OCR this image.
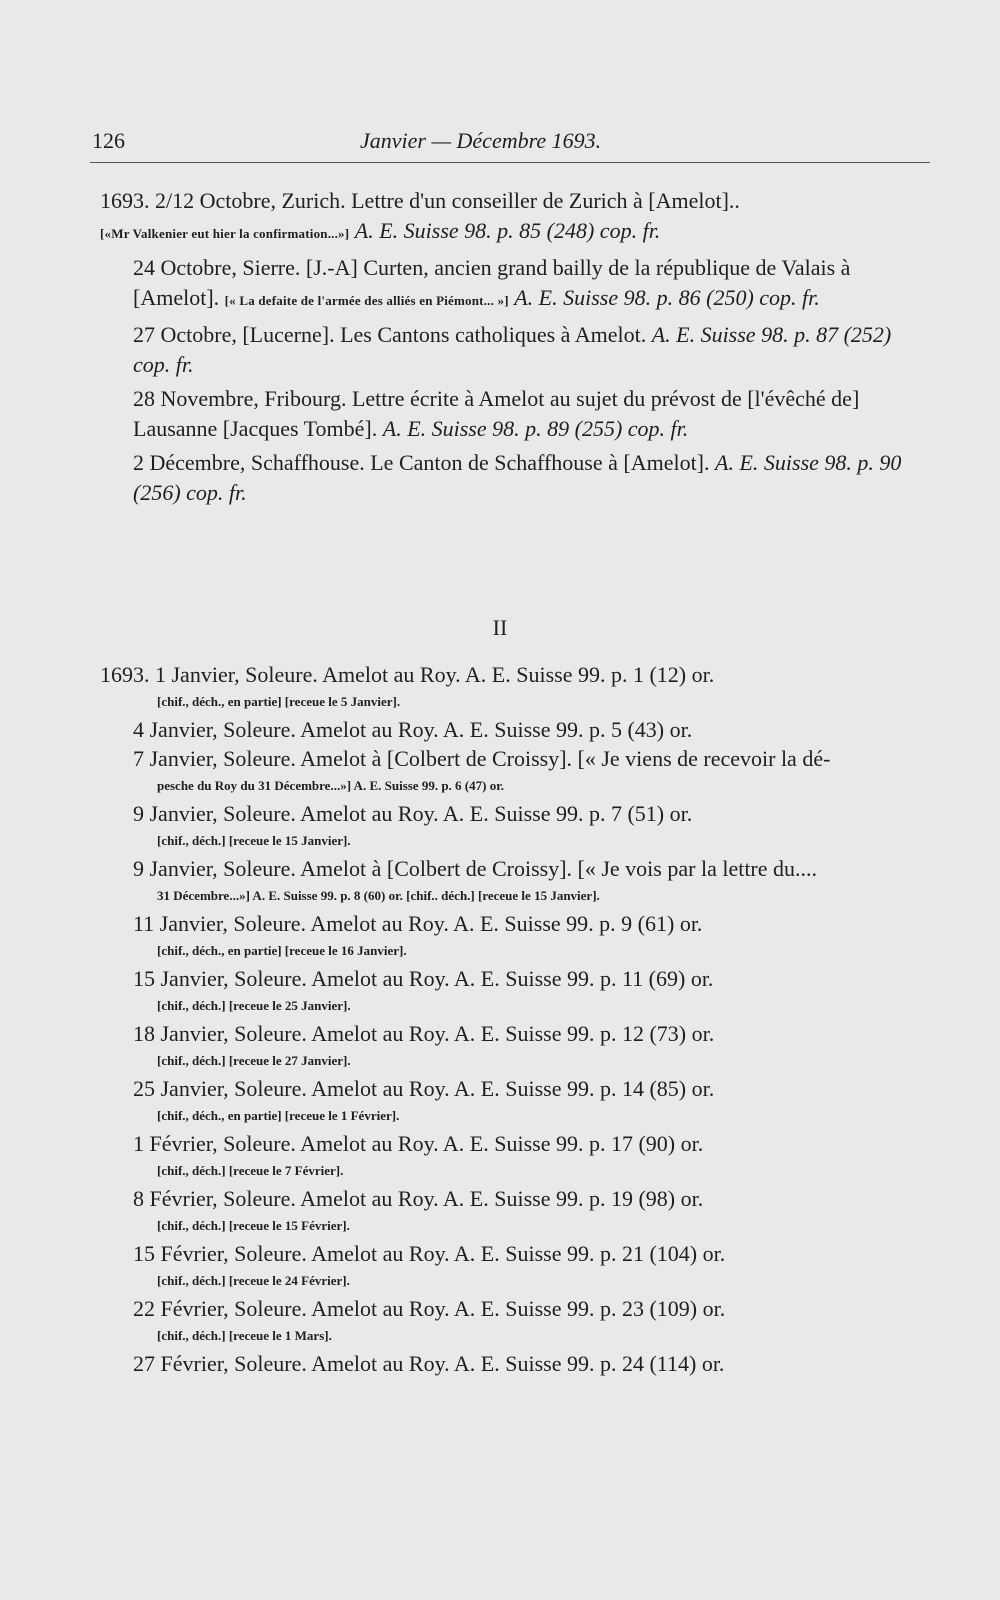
126	Janvier — Décembre 1693.
1693. 2/12 Octobre, Zurich. Lettre d'un conseiller de Zurich à [Amelot]..
[«Mr Valkenier eut hier la confirmation...»] A. E. Suisse 98. p. 85 (248) cop. fr.
24 Octobre, Sierre. [J.-A] Curten, ancien grand bailly de la république de Valais à [Amelot]. [« La defaite de l'armée des alliés en Piémont... »] A. E. Suisse 98. p. 86 (250) cop. fr.
27 Octobre, [Lucerne]. Les Cantons catholiques à Amelot. A. E. Suisse 98. p. 87 (252) cop. fr.
28 Novembre, Fribourg. Lettre écrite à Amelot au sujet du prévost de [l'évêché de] Lausanne [Jacques Tombé]. A. E. Suisse 98. p. 89 (255) cop. fr.
2 Décembre, Schaffhouse. Le Canton de Schaffhouse à [Amelot]. A. E. Suisse 98. p. 90 (256) cop. fr.
II
1693. 1 Janvier, Soleure. Amelot au Roy. A. E. Suisse 99. p. 1 (12) or.
[chif., déch., en partie] [receue le 5 Janvier].
4 Janvier, Soleure. Amelot au Roy. A. E. Suisse 99. p. 5 (43) or.
7 Janvier, Soleure. Amelot à [Colbert de Croissy]. [« Je viens de recevoir la dé-
pesche du Roy du 31 Décembre...»] A. E. Suisse 99. p. 6 (47) or.
9 Janvier, Soleure. Amelot au Roy. A. E. Suisse 99. p. 7 (51) or.
[chif., déch.] [receue le 15 Janvier].
9 Janvier, Soleure. Amelot à [Colbert de Croissy]. [« Je vois par la lettre du....
31 Décembre...»] A. E. Suisse 99. p. 8 (60) or. [chif.. déch.] [receue le 15 Janvier].
11 Janvier, Soleure. Amelot au Roy. A. E. Suisse 99. p. 9 (61) or.
[chif., déch., en partie] [receue le 16 Janvier].
15 Janvier, Soleure. Amelot au Roy. A. E. Suisse 99. p. 11 (69) or.
[chif., déch.] [receue le 25 Janvier].
18 Janvier, Soleure. Amelot au Roy. A. E. Suisse 99. p. 12 (73) or.
[chif., déch.] [receue le 27 Janvier].
25 Janvier, Soleure. Amelot au Roy. A. E. Suisse 99. p. 14 (85) or.
[chif., déch., en partie] [receue le 1 Février].
1 Février, Soleure. Amelot au Roy. A. E. Suisse 99. p. 17 (90) or.
[chif., déch.] [receue le 7 Février].
8 Février, Soleure. Amelot au Roy. A. E. Suisse 99. p. 19 (98) or.
[chif., déch.] [receue le 15 Février].
15 Février, Soleure. Amelot au Roy. A. E. Suisse 99. p. 21 (104) or.
[chif., déch.] [receue le 24 Février].
22 Février, Soleure. Amelot au Roy. A. E. Suisse 99. p. 23 (109) or.
[chif., déch.] [receue le 1 Mars].
27 Février, Soleure. Amelot au Roy. A. E. Suisse 99. p. 24 (114) or.
